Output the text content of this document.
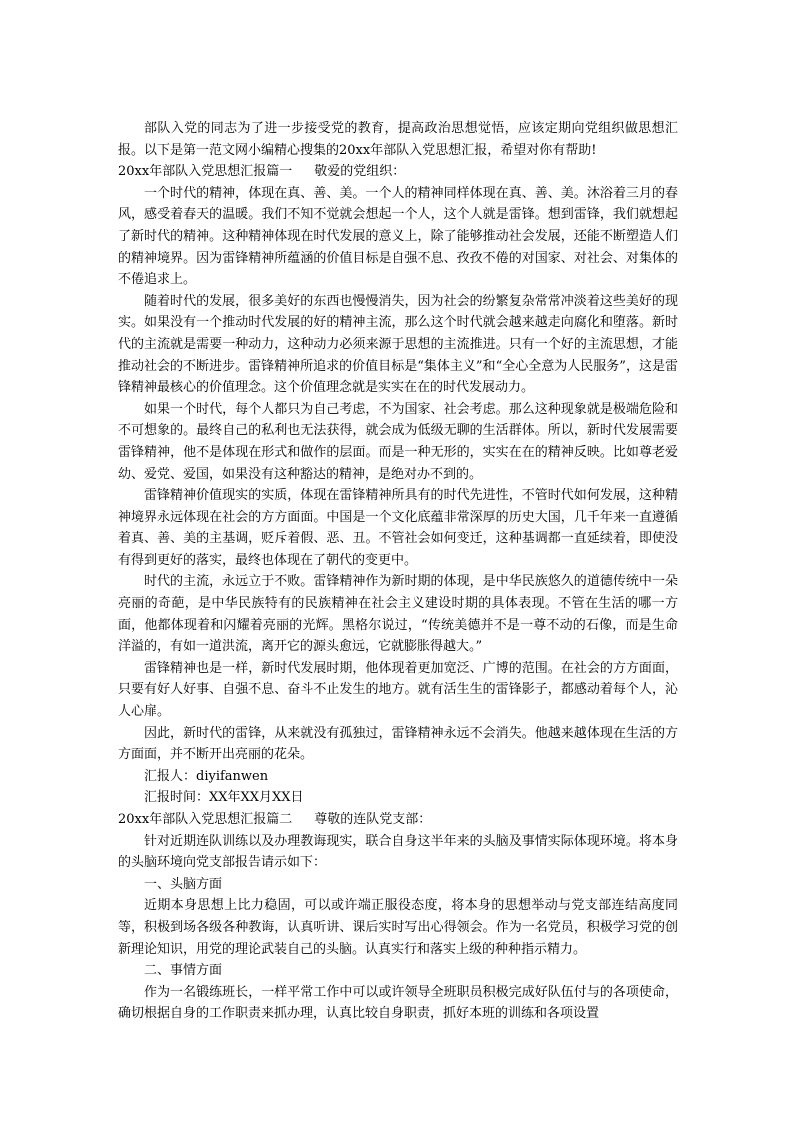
部队入党的同志为了进一步接受党的教育，提高政治思想觉悟，应该定期向党组织做思想汇报。以下是第一范文网小编精心搜集的20xx年部队入党思想汇报，希望对你有帮助!

20xx年部队入党思想汇报篇一 敬爱的党组织：

一个时代的精神，体现在真、善、美。一个人的精神同样体现在真、善、美。沐浴着三月的春风，感受着春天的温暖。我们不知不觉就会想起一个人，这个人就是雷锋。想到雷锋，我们就想起了新时代的精神。这种精神体现在时代发展的意义上，除了能够推动社会发展，还能不断塑造人们的精神境界。因为雷锋精神所蕴涵的价值目标是自强不息、孜孜不倦的对国家、对社会、对集体的不倦追求上。

随着时代的发展，很多美好的东西也慢慢消失，因为社会的纷繁复杂常常冲淡着这些美好的现实。如果没有一个推动时代发展的好的精神主流，那么这个时代就会越来越走向腐化和堕落。新时代的主流就是需要一种动力，这种动力必须来源于思想的主流推进。只有一个好的主流思想，才能推动社会的不断进步。雷锋精神所追求的价值目标是“集体主义”和“全心全意为人民服务”，这是雷锋精神最核心的价值理念。这个价值理念就是实实在在的时代发展动力。

如果一个时代，每个人都只为自己考虑，不为国家、社会考虑。那么这种现象就是极端危险和不可想象的。最终自己的私利也无法获得，就会成为低级无聊的生活群体。所以，新时代发展需要雷锋精神，他不是体现在形式和做作的层面。而是一种无形的，实实在在的精神反映。比如尊老爱幼、爱党、爱国，如果没有这种豁达的精神，是绝对办不到的。

雷锋精神价值现实的实质，体现在雷锋精神所具有的时代先进性，不管时代如何发展，这种精神境界永远体现在社会的方方面面。中国是一个文化底蕴非常深厚的历史大国，几千年来一直遵循着真、善、美的主基调，贬斥着假、恶、丑。不管社会如何变迁，这种基调都一直延续着，即使没有得到更好的落实，最终也体现在了朝代的变更中。

时代的主流，永远立于不败。雷锋精神作为新时期的体现，是中华民族悠久的道德传统中一朵亮丽的奇葩，是中华民族特有的民族精神在社会主义建设时期的具体表现。不管在生活的哪一方面，他都体现着和闪耀着亮丽的光辉。黑格尔说过，“传统美德并不是一尊不动的石像，而是生命洋溢的，有如一道洪流，离开它的源头愈远，它就膨胀得越大。”

雷锋精神也是一样，新时代发展时期，他体现着更加宽泛、广博的范围。在社会的方方面面，只要有好人好事、自强不息、奋斗不止发生的地方。就有活生生的雷锋影子，都感动着每个人，沁人心扉。

因此，新时代的雷锋，从来就没有孤独过，雷锋精神永远不会消失。他越来越体现在生活的方方面面，并不断开出亮丽的花朵。

汇报人：diyifanwen

汇报时间：XX年XX月XX日

20xx年部队入党思想汇报篇二 尊敬的连队党支部：

针对近期连队训练以及办理教诲现实，联合自身这半年来的头脑及事情实际体现环境。将本身的头脑环境向党支部报告请示如下：

一、头脑方面

近期本身思想上比力稳固，可以或许端正服役态度，将本身的思想举动与党支部连结高度同等，积极到场各级各种教诲，认真听讲、课后实时写出心得领会。作为一名党员，积极学习党的创新理论知识，用党的理论武装自己的头脑。认真实行和落实上级的种种指示精力。

二、事情方面

作为一名锻练班长，一样平常工作中可以或许领导全班职员积极完成好队伍付与的各项使命，确切根据自身的工作职责来抓办理，认真比较自身职责，抓好本班的训练和各项设置
